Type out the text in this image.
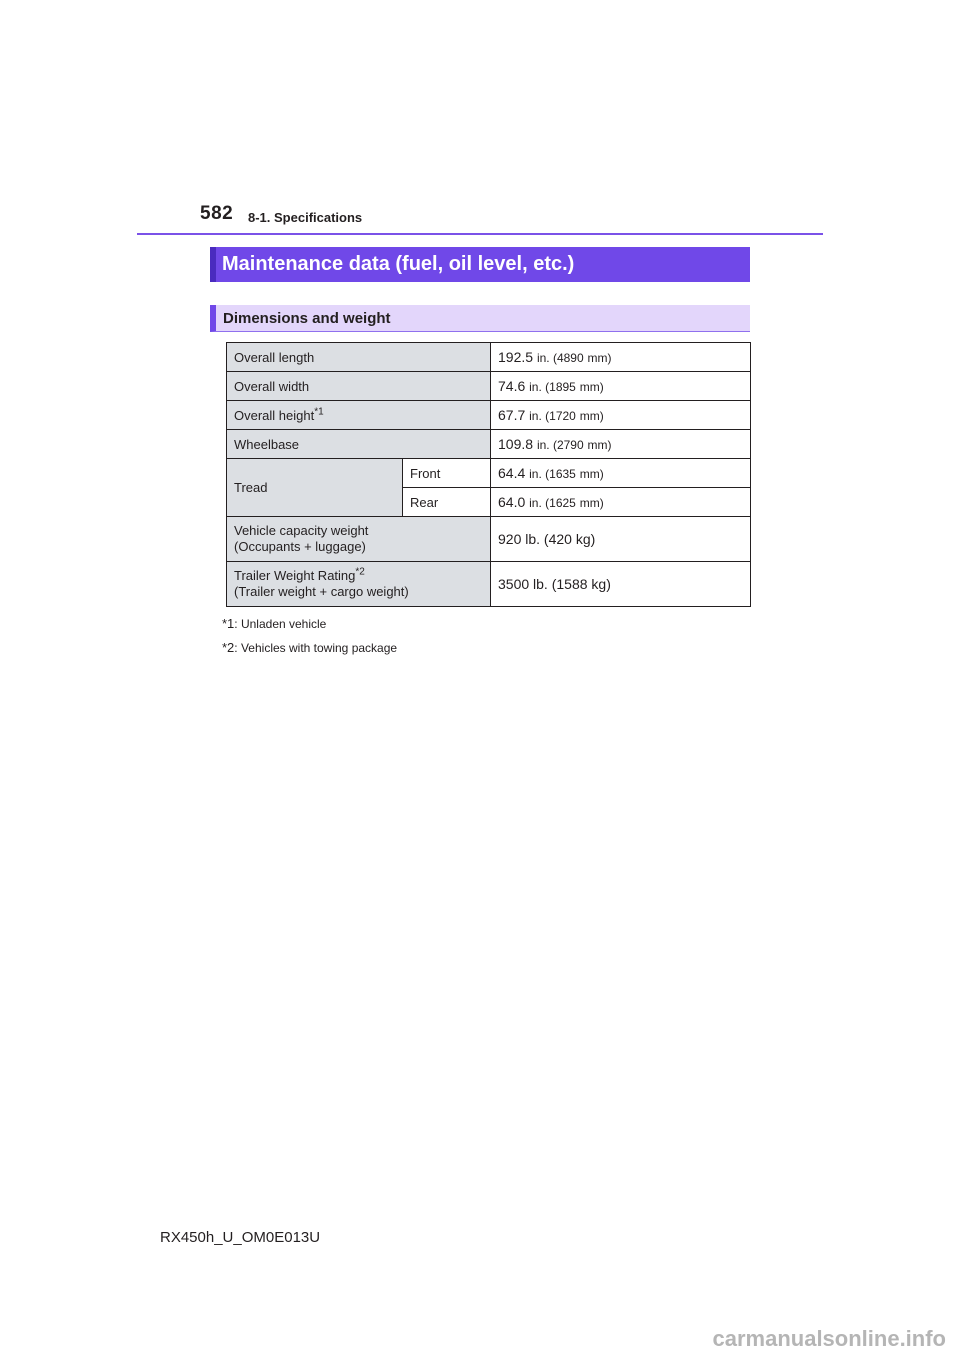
582 8-1. Specifications
Maintenance data (fuel, oil level, etc.)
Dimensions and weight
Overall length		192.5 in. (4890 mm)
Overall width		74.6 in. (1895 mm)
Overall height$^{*1}$		67.7 in. (1720 mm)
Wheelbase		109.8 in. (2790 mm)
Tread	Front	64.4 in. (1635 mm)
	Rear	64.0 in. (1625 mm)
Vehicle capacity weight
(Occupants + luggage)		920 lb. (420 kg)
Trailer Weight Rating$^{*2}$
(Trailer weight + cargo weight)		3500 lb. (1588 kg)
*1: Unladen vehicle
*2: Vehicles with towing package
RX450h_U_OM0E013U
carmanualsonline.info
